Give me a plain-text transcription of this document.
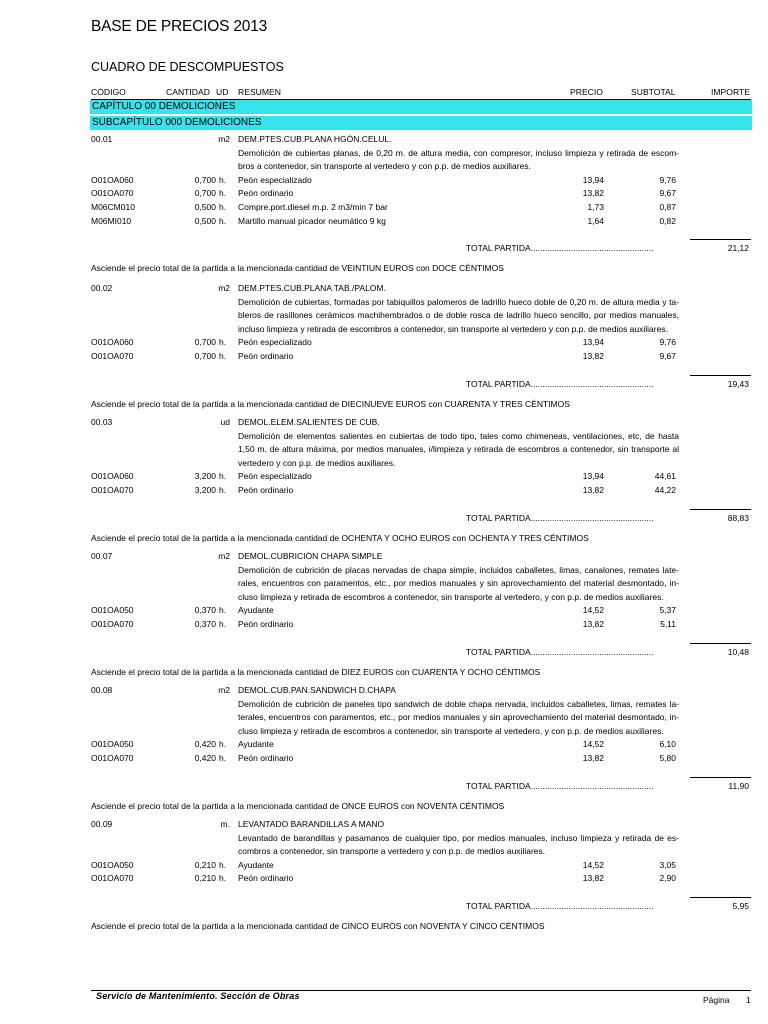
BASE DE PRECIOS 2013
CUADRO DE DESCOMPUESTOS
CÓDIGO	CANTIDAD UD RESUMEN	PRECIO	SUBTOTAL	IMPORTE
CAPÍTULO 00 DEMOLICIONES
SUBCAPÍTULO 000 DEMOLICIONES
00.01	m2 DEM.PTES.CUB.PLANA HGÓN.CELUL.
Demolición de cubiertas planas, de 0,20 m. de altura media, con compresor, incluso limpieza y retirada de escom-
bros a contenedor, sin transporte al vertedero y con p.p. de medios auxiliares.
O01OA060	0,700 h. Peón especializado	13,94	9,76
O01OA070	0,700 h. Peón ordinario	13,82	9,67
M06CM010	0,500 h. Compre.port.diesel m.p. 2 m3/min 7 bar	1,73	0,87
M06MI010	0,500 h. Martillo manual picador neumático 9 kg	1,64	0,82
TOTAL PARTIDA....................................................	21,12
Asciende el precio total de la partida a la mencionada cantidad de VEINTIUN EUROS con DOCE CÉNTIMOS
00.02	m2 DEM.PTES.CUB.PLANA TAB./PALOM.
Demolición de cubiertas, formadas por tabiquillos palomeros de ladrillo hueco doble de 0,20 m. de altura media y ta-
bleros de rasillones cerámicos machihembrados o de doble rosca de ladrillo hueco sencillo, por medios manuales,
incluso limpieza y retirada de escombros a contenedor, sin transporte al vertedero y con p.p. de medios auxiliares.
O01OA060	0,700 h. Peón especializado	13,94	9,76
O01OA070	0,700 h. Peón ordinario	13,82	9,67
TOTAL PARTIDA....................................................	19,43
Asciende el precio total de la partida a la mencionada cantidad de DIECINUEVE EUROS con CUARENTA Y TRES CÉNTIMOS
00.03	ud DEMOL.ELEM.SALIENTES DE CUB.
Demolición de elementos salientes en cubiertas de todo tipo, tales como chimeneas, ventilaciones, etc, de hasta
1,50 m. de altura máxima, por medios manuales, i/limpieza y retirada de escombros a contenedor, sin transporte al
vertedero y con p.p. de medios auxiliares.
O01OA060	3,200 h. Peón especializado	13,94	44,61
O01OA070	3,200 h. Peón ordinario	13,82	44,22
TOTAL PARTIDA....................................................	88,83
Asciende el precio total de la partida a la mencionada cantidad de OCHENTA Y OCHO EUROS con OCHENTA Y TRES CÉNTIMOS
00.07	m2 DEMOL.CUBRICIÓN CHAPA SIMPLE
Demolición de cubrición de placas nervadas de chapa simple, incluidos caballetes, limas, canalones, remates late-
rales, encuentros con paramentos, etc., por medios manuales y sin aprovechamiento del material desmontado, in-
cluso limpieza y retirada de escombros a contenedor, sin transporte al vertedero, y con p.p. de medios auxiliares.
O01OA050	0,370 h. Ayudante	14,52	5,37
O01OA070	0,370 h. Peón ordinario	13,82	5,11
TOTAL PARTIDA....................................................	10,48
Asciende el precio total de la partida a la mencionada cantidad de DIEZ EUROS con CUARENTA Y OCHO CÉNTIMOS
00.08	m2 DEMOL.CUB.PAN.SANDWICH D.CHAPA
Demolición de cubrición de paneles tipo sandwich de doble chapa nervada, incluidos caballetes, limas, remates la-
terales, encuentros con paramentos, etc., por medios manuales y sin aprovechamiento del material desmontado, in-
cluso limpieza y retirada de escombros a contenedor, sin transporte al vertedero, y con p.p. de medios auxiliares.
O01OA050	0,420 h. Ayudante	14,52	6,10
O01OA070	0,420 h. Peón ordinario	13,82	5,80
TOTAL PARTIDA....................................................	11,90
Asciende el precio total de la partida a la mencionada cantidad de ONCE EUROS con NOVENTA CÉNTIMOS
00.09	m. LEVANTADO BARANDILLAS A MANO
Levantado de barandillas y pasamanos de cualquier tipo, por medios manuales, incluso limpieza y retirada de es-
combros a contenedor, sin transporte a vertedero y con p.p. de medios auxiliares.
O01OA050	0,210 h. Ayudante	14,52	3,05
O01OA070	0,210 h. Peón ordinario	13,82	2,90
TOTAL PARTIDA....................................................	5,95
Asciende el precio total de la partida a la mencionada cantidad de CINCO EUROS con NOVENTA Y CINCO CÉNTIMOS
Servicio de Mantenimiento. Sección de Obras	Página 1
